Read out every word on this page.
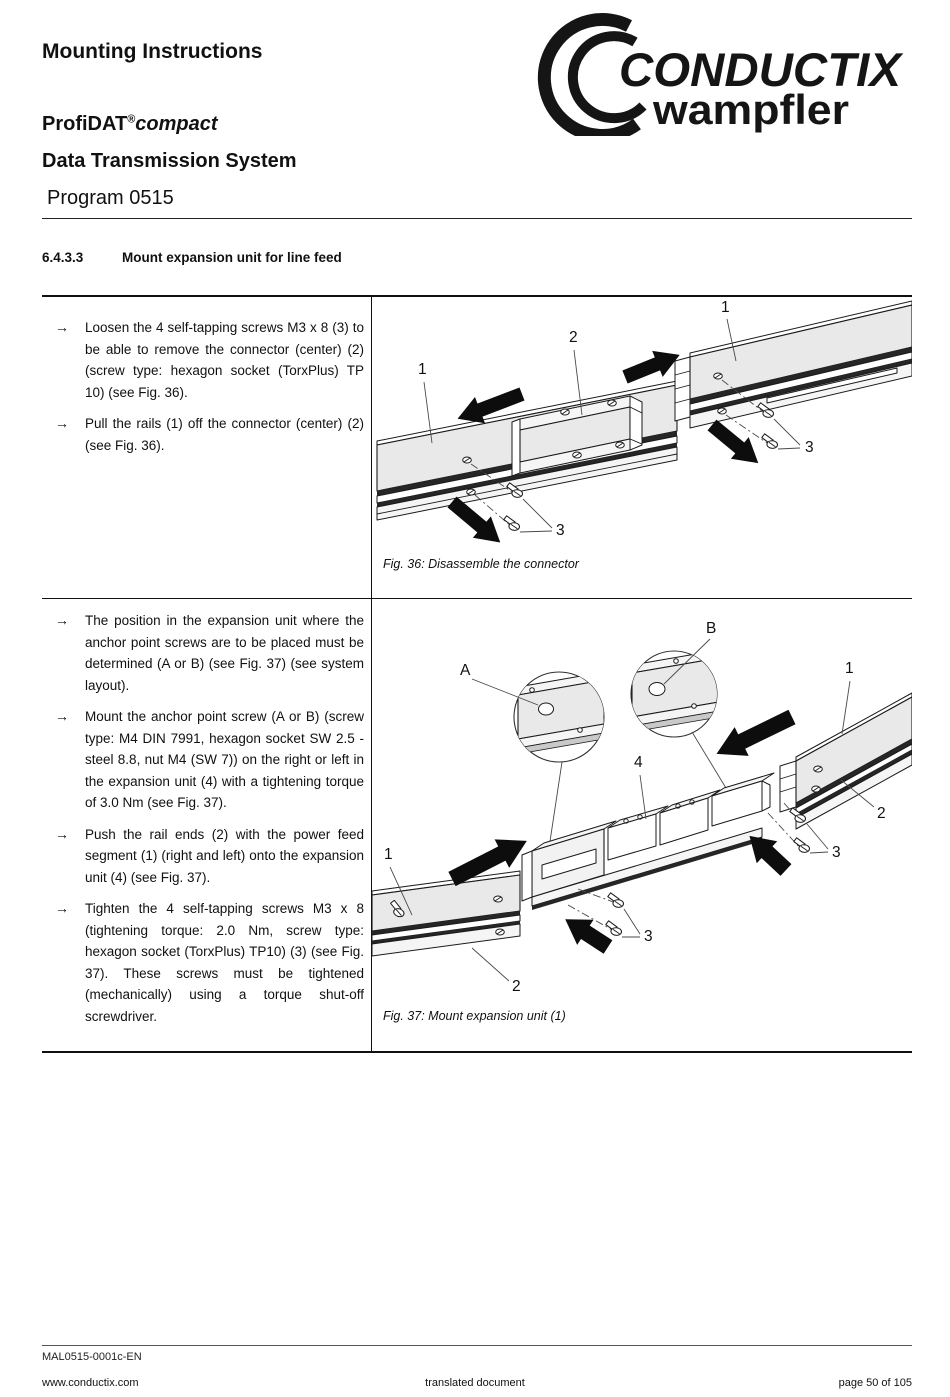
Mounting Instructions	CONDUCTIX
wampfler
ProfiDAT®compact
Data Transmission System
Program 0515
6.4.3.3	Mount expansion unit for line feed
→ Loosen the 4 self-tapping screws M3 x 8 (3) to be able to remove the connector (center) (2) (screw type: hexagon socket (TorxPlus) TP 10) (see Fig. 36).
→ Pull the rails (1) off the connector (center) (2) (see Fig. 36).
1
2
1
3
3
Fig. 36: Disassemble the connector
→ The position in the expansion unit where the anchor point screws are to be placed must be determined (A or B) (see Fig. 37) (see system layout).
→ Mount the anchor point screw (A or B) (screw type: M4 DIN 7991, hexagon socket SW 2.5 - steel 8.8, nut M4 (SW 7)) on the right or left in the expansion unit (4) with a tightening torque of 3.0 Nm (see Fig. 37).
→ Push the rail ends (2) with the power feed segment (1) (right and left) onto the expansion unit (4) (see Fig. 37).
→ Tighten the 4 self-tapping screws M3 x 8 (tightening torque: 2.0 Nm, screw type: hexagon socket (TorxPlus) TP10) (3) (see Fig. 37). These screws must be tightened (mechanically) using a torque shut-off screwdriver.
A
B
1
2
4
1
2
3
3
Fig. 37: Mount expansion unit (1)
MAL0515-0001c-EN
www.conductix.com	translated document	page 50 of 105
